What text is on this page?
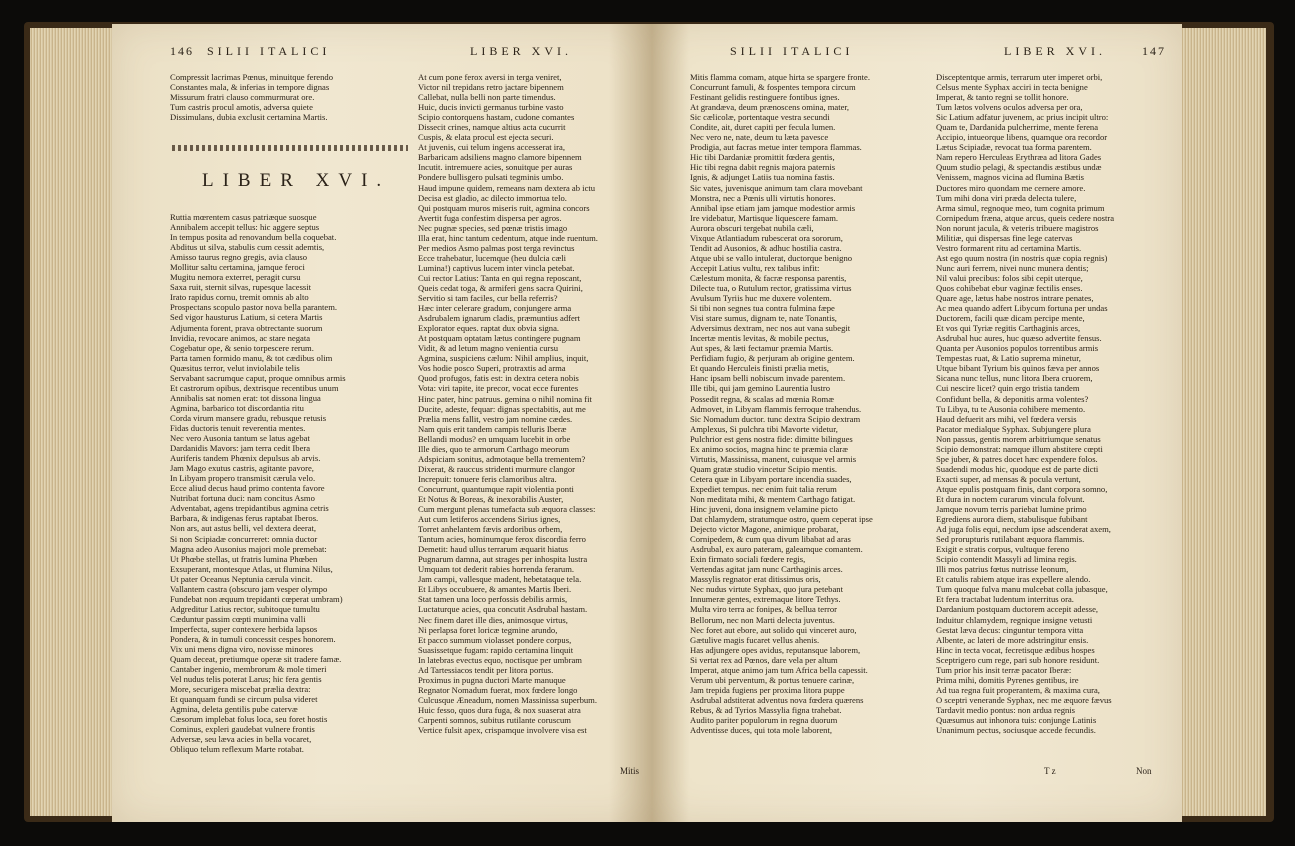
146 SILII ITALICI	LIBER XVI.
Compressit lacrimas Pœnus, minuitque ferendo
Constantes mala, & inferias in tempore dignas
Missurum fratri clauso commurmurat ore.
Tum castris procul amotis, adversa quiete
Dissimulans, dubia exclusit certamina Martis.
LIBER XVI.
Ruttia mœrentem casus patriæque suosque
Annibalem accepit tellus: hic aggere septus
In tempus posita ad renovandum bella coquebat.
Abditus ut silva, stabulis cum cessit ademtis,
Amisso taurus regno gregis, avia clauso
Mollitur saltu certamina, jamque feroci
Mugitu nemora exterret, peragit cursu
Saxa ruit, sternit silvas, rupesque lacessit
Irato rapidus cornu, tremit omnis ab alto
Prospectans scopulo pastor nova bella parantem.
Sed vigor hausturus Latium, si cetera Martis
Adjumenta forent, prava obtrectante suorum
Invidia, revocare animos, ac stare negata
Cogebatur ope, & senio torpescere rerum.
Parta tamen formido manu, & tot cædibus olim
Quæsitus terror, velut inviolabile telis
Servabant sacrumque caput, proque omnibus armis
Et castrorum opibus, dextrisque recentibus unum
Annibalis sat nomen erat: tot dissona lingua
Agmina, barbarico tot discordantia ritu
Corda virum mansere gradu, rebusque retusis
Fidas ductoris tenuit reverentia mentes.
Nec vero Ausonia tantum se latus agebat
Dardanidis Mavors: jam terra cedit Ibera
Auriferis tandem Phœnix depulsus ab arvis.
Jam Mago exutus castris, agitante pavore,
In Libyam propero transmisit cærula velo.
Ecce aliud decus haud primo contenta favore
Nutribat fortuna duci: nam concitus Asmo
Adventabat, agens trepidantibus agmina cetris
Barbara, & indigenas ferus raptabat Iberos.
Non ars, aut astus belli, vel dextera deerat,
Si non Scipiadæ concurreret: omnia ductor
Magna adeo Ausonius majori mole premebat:
Ut Phœbe stellas, ut fratris lumina Phœben
Exsuperant, montesque Atlas, ut flumina Nilus,
Ut pater Oceanus Neptunia cærula vincit.
Vallantem castra (obscuro jam vesper olympo
Fundebat non æquum trepidanti cœperat umbram)
Adgreditur Latius rector, subitoque tumultu
Cæduntur passim cœpti munimina valli
Imperfecta, super contexere herbida lapsos
Pondera, & in tumuli concessit cespes honorem.
Vix uni mens digna viro, novisse minores
Quam deceat, pretiumque operæ sit tradere famæ.
Cantaber ingenio, membrorum & mole timeri
Vel nudus telis poterat Larus; hic fera gentis
More, securigera miscebat prælia dextra:
Et quanquam fundi se circum pulsa videret
Agmina, deleta gentilis pube catervæ
Cæsorum implebat folus loca, seu foret hostis
Cominus, expleri gaudebat vulnere frontis
Adversæ, seu læva acies in bella vocaret,
Obliquo telum reflexum Marte rotabat.
At cum pone ferox aversi in terga veniret,
Victor nil trepidans retro jactare bipennem
Callebat, nulla belli non parte timendus.
Huic, ducis invicti germanus turbine vasto
Scipio contorquens hastam, cudone comantes
Dissecit crines, namque altius acta cucurrit
Cuspis, & elata procul est ejecta securi.
At juvenis, cui telum ingens accesserat ira,
Barbaricam adsiliens magno clamore bipennem
Incutit. intremuere acies, sonuitque per auras
Pondere bullisgero pulsati tegminis umbo.
Haud impune quidem, remeans nam dextera ab ictu
Decisa est gladio, ac dilecto immortua telo.
Qui postquam muros miseris ruit, agmina concors
Avertit fuga confestim dispersa per agros.
Nec pugnæ species, sed pœnæ tristis imago
Illa erat, hinc tantum cedentum, atque inde ruentum.
Per medios Asmo palmas post terga revinctus
Ecce trahebatur, lucemque (heu dulcia cæli
Lumina!) captivus lucem inter vincla petebat.
Cui rector Latius: Tanta en qui regna reposcant,
Queis cedat toga, & armiferi gens sacra Quirini,
Servitio si tam faciles, cur bella referris?
Hæc inter celerare gradum, conjungere arma
Asdrubalem ignarum cladis, præmuntius adfert
Explorator eques. raptat dux obvia signa.
At postquam optatam lætus contingere pugnam
Vidit, & ad letum magno venientia cursu
Agmina, suspiciens cælum: Nihil amplius, inquit,
Vos hodie posco Superi, protraxtis ad arma
Quod profugos, fatis est: in dextra cetera nobis
Vota: viri tapite, ite precor, vocat ecce furentes
Hinc pater, hinc patruus. gemina o nihil nomina fit
Ducite, adeste, fequar: dignas spectabitis, aut me
Prælia mens fallit, vestro jam nomine cædes.
Nam quis erit tandem campis telluris Iberæ
Bellandi modus? en umquam lucebit in orbe
Ille dies, quo te armorum Carthago meorum
Adspiciam sonitus, admotaque bella trementem?
Dixerat, & rauccus stridenti murmure clangor
Increpuit: tonuere feris clamoribus altra.
Concurrunt, quantumque rapit violentia ponti
Et Notus & Boreas, & inexorabilis Auster,
Cum mergunt plenas tumefacta sub æquora classes:
Aut cum letiferos accendens Sirius ignes,
Torret anhelantem fævis ardoribus orbem,
Tantum acies, hominumque ferox discordia ferro
Demetit: haud ullus terrarum æquarit hiatus
Pugnarum damna, aut strages per inhospita lustra
Umquam tot dederit rabies horrenda ferarum.
Jam campi, vallesque madent, hebetataque tela.
Et Libys occubuere, & amantes Martis Iberi.
Stat tamen una loco perfossis debilis armis,
Luctaturque acies, qua concutit Asdrubal hastam.
Nec finem daret ille dies, animosque virtus,
Ni perlapsa foret loricæ tegmine arundo,
Et pacco summum violasset pondere corpus,
Suasissetque fugam: rapido certamina linquit
In latebras evectus equo, noctisque per umbram
Ad Tartessiacos tendit per litora portus.
Proximus in pugna ductori Marte manuque
Regnator Nomadum fuerat, mox fœdere longo
Culcusque Æneadum, nomen Massinissa superbum.
Huic fesso, quos dura fuga, & nox suaserat atra
Carpenti somnos, subitus rutilante coruscum
Vertice fulsit apex, crispamque involvere visa est
Mitis
SILII ITALICI	LIBER XVI.	147
Mitis flamma comam, atque hirta se spargere fronte.
Concurrunt famuli, & fospentes tempora circum
Festinant gelidis restinguere fontibus ignes.
At grandæva, deum prænoscens omina, mater,
Sic cælicolæ, portentaque vestra secundi
Condite, ait, duret capiti per fecula lumen.
Nec vero ne, nate, deum tu læta pavesce
Prodigia, aut facras metue inter tempora flammas.
Hic tibi Dardaniæ promittit fœdera gentis,
Hic tibi regna dabit regnis majora paternis
Ignis, & adjunget Latiis tua nomina fastis.
Sic vates, juvenisque animum tam clara movebant
Monstra, nec a Pœnis ulli virtutis honores.
Annibal ipse etiam jam jamque modestior armis
Ire videbatur, Martisque liquescere famam.
Aurora obscuri tergebat nubila cæli,
Vixque Atlantiadum rubescerat ora sororum,
Tendit ad Ausonios, & adhuc hostilia castra.
Atque ubi se vallo intulerat, ductorque benigno
Accepit Latius vultu, rex talibus infit:
Cælestum monita, & facræ responsa parentis,
Dilecte tua, o Rutulum rector, gratissima virtus
Avulsum Tyriis huc me duxere volentem.
Si tibi non segnes tua contra fulmina fæpe
Visi stare sumus, dignam te, nate Tonantis,
Adversimus dextram, nec nos aut vana subegit
Incertæ mentis levitas, & mobile pectus,
Aut spes, & læti fectamur præmia Martis.
Perfidiam fugio, & perjuram ab origine gentem.
Et quando Herculeis finisti prælia metis,
Hanc ipsam belli nobiscum invade parentem.
Ille tibi, qui jam gemino Laurentia lustro
Possedit regna, & scalas ad mœnia Romæ
Admovet, in Libyam flammis ferroque trahendus.
Sic Nomadum ductor. tunc dextra Scipio dextram
Amplexus, Si pulchra tibi Mavorte videtur,
Pulchrior est gens nostra fide: dimitte bilingues
Ex animo socios, magna hinc te præmia claræ
Virtutis, Massinissa, manent, cuiusque vel armis
Quam gratæ studio vincetur Scipio mentis.
Cetera quæ in Libyam portare incendia suades,
Expediet tempus. nec enim fuit talia rerum
Non meditata mihi, & mentem Carthago fatigat.
Hinc juveni, dona insignem velamine picto
Dat chlamydem, stratumque ostro, quem ceperat ipse
Dejecto victor Magone, animique probarat,
Cornipedem, & cum qua divum libabat ad aras
Asdrubal, ex auro pateram, galeamque comantem.
Exin firmato sociali fœdere regis,
Vertendas agitat jam nunc Carthaginis arces.
Massylis regnator erat ditissimus oris,
Nec nudus virtute Syphax, quo jura petebant
Innumeræ gentes, extremaque litore Tethys.
Multa viro terra ac fonipes, & bellua terror
Bellorum, nec non Marti delecta juventus.
Nec foret aut ebore, aut solido qui vinceret auro,
Gætulive magis fucaret vellus ahenis.
Has adjungere opes avidus, reputansque laborem,
Si vertat rex ad Pœnos, dare vela per altum
Imperat, atque animo jam tum Africa bella capessit.
Verum ubi perventum, & portus tenuere carinæ,
Jam trepida fugiens per proxima litora puppe
Asdrubal adstiterat adventus nova fœdera quærens
Rebus, & ad Tyrios Massylia figna trahebat.
Audito pariter populorum in regna duorum
Adventisse duces, qui tota mole laborent,
Disceptentque armis, terrarum uter imperet orbi,
Celsus mente Syphax acciri in tecta benigne
Imperat, & tanto regni se tollit honore.
Tum lætos volvens oculos adversa per ora,
Sic Latium adfatur juvenem, ac prius incipit ultro:
Quam te, Dardanida pulcherrime, mente ferena
Accipio, intueorque libens, quamque ora recordor
Lætus Scipiadæ, revocat tua forma parentem.
Nam repero Herculeas Erythræa ad litora Gades
Quum studio pelagi, & spectandis æstibus undæ
Venissem, magnos vicina ad flumina Bætis
Ductores miro quondam me cernere amore.
Tum mihi dona viri præda delecta tulere,
Arma simul, regnoque meo, tum cognita primum
Cornipedum fræna, atque arcus, queis cedere nostra
Non norunt jacula, & veteris tribuere magistros
Militiæ, qui dispersas fine lege catervas
Vestro formarent ritu ad certamina Martis.
Ast ego quum nostra (in nostris quæ copia regnis)
Nunc auri ferrem, nivei nunc munera dentis;
Nil valui precibus: folos sibi cepit uterque,
Quos cohibebat ebur vaginæ fectilis enses.
Quare age, lætus habe nostros intrare penates,
Ac mea quando adfert Libycum fortuna per undas
Ductorem, facili quæ dicam percipe mente,
Et vos qui Tyriæ regitis Carthaginis arces,
Asdrubal huc aures, huc quæso advertite fensus.
Quanta per Ausonios populos torrentibus armis
Tempestas ruat, & Latio suprema minetur,
Utque bibant Tyrium bis quinos fæva per annos
Sicana nunc tellus, nunc litora Ibera cruorem,
Cui nescire licet? quin ergo tristia tandem
Confidunt bella, & deponitis arma volentes?
Tu Libya, tu te Ausonia cohibere memento.
Haud defuerit ars mihi, vel fœdera versis
Pacator medialque Syphax. Subjungere plura
Non passus, gentis morem arbitriumque senatus
Scipio demonstrat: namque illum abstitere cœpti
Spe juber, & patres docet hæc expendere folos.
Suadendi modus hic, quodque est de parte dicti
Exacti super, ad mensas & pocula vertunt,
Atque epulis postquam finis, dant corpora somno,
Et dura in noctem curarum vincula folvunt.
Jamque novum terris pariebat lumine primo
Egrediens aurora diem, stabulisque fubibant
Ad juga folis equi, necdum ipse adscenderat axem,
Sed prorupturis rutilabant æquora flammis.
Exigit e stratis corpus, vultuque fereno
Scipio contendit Massyli ad limina regis.
Illi mos patrius fœtus nutrisse leonum,
Et catulis rabiem atque iras expellere alendo.
Tum quoque fulva manu mulcebat colla jubasque,
Et fera tractabat ludentum interritus ora.
Dardanium postquam ductorem accepit adesse,
Induitur chlamydem, regnique insigne vetusti
Gestat læva decus: cinguntur tempora vitta
Albente, ac lateri de more adstringitur ensis.
Hinc in tecta vocat, fecretisque ædibus hospes
Sceptrigero cum rege, pari sub honore residunt.
Tum prior his insit terræ pacator Iberæ:
Prima mihi, domitis Pyrenes gentibus, ire
Ad tua regna fuit properantem, & maxima cura,
O sceptri venerande Syphax, nec me æquore fævus
Tardavit medio pontus: non ardua regnis
Quæsumus aut inhonora tuis: conjunge Latinis
Unanimum pectus, sociusque accede fecundis.
T z	Non
